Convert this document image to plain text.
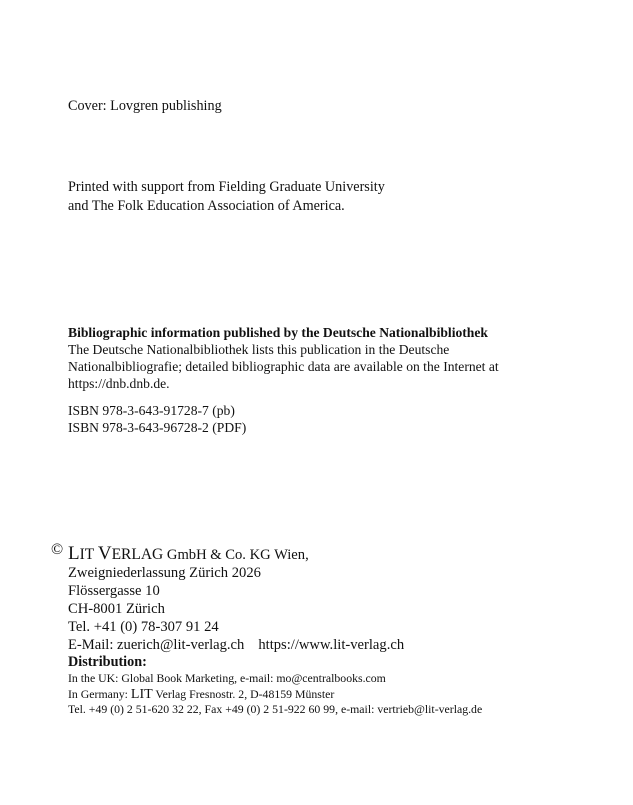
Cover: Lovgren publishing
Printed with support from Fielding Graduate University
and The Folk Education Association of America.
Bibliographic information published by the Deutsche Nationalbibliothek
The Deutsche Nationalbibliothek lists this publication in the Deutsche
Nationalbibliografie; detailed bibliographic data are available on the Internet at
https://dnb.dnb.de.
ISBN 978-3-643-91728-7 (pb)
ISBN 978-3-643-96728-2 (PDF)
© LIT VERLAG GmbH & Co. KG Wien,
Zweigniederlassung Zürich 2026
Flössergasse 10
CH-8001 Zürich
Tel. +41 (0) 78-307 91 24
E-Mail: zuerich@lit-verlag.ch https://www.lit-verlag.ch
Distribution:
In the UK: Global Book Marketing, e-mail: mo@centralbooks.com
In Germany: LIT Verlag Fresnostr. 2, D-48159 Münster
Tel. +49 (0) 2 51-620 32 22, Fax +49 (0) 2 51-922 60 99, e-mail: vertrieb@lit-verlag.de
